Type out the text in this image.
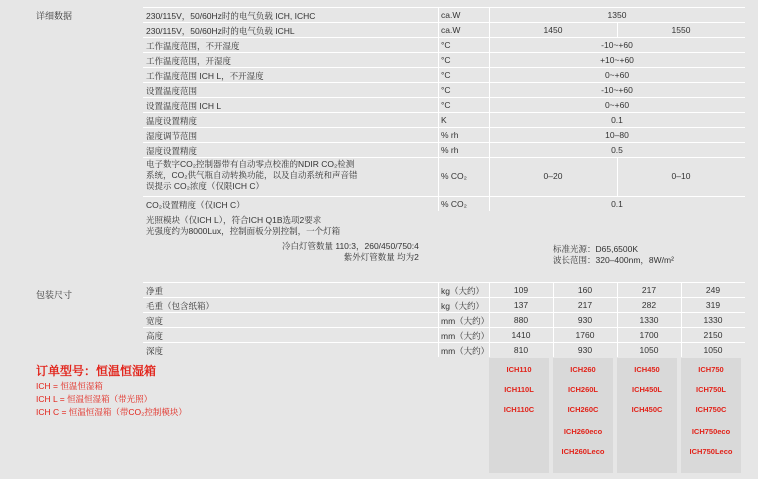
详细数据	230/115V，50/60Hz时的电气负载 ICH, ICHC	ca.W	1350
230/115V，50/60Hz时的电气负载 ICHL	ca.W	1450	1550
工作温度范围，不开湿度	°C	-10~+60
工作温度范围，开湿度	°C	+10~+60
工作温度范围 ICH L，不开湿度	°C	0~+60
设置温度范围	°C	-10~+60
设置温度范围 ICH L	°C	0~+60
温度设置精度	K	0.1
湿度调节范围	% rh	10–80
湿度设置精度	% rh	0.5
电子数字CO₂控制器带有自动零点校准的NDIR CO₂检测
系统，CO₂供气瓶自动转换功能，以及自动系统和声音错
误提示 CO₂浓度（仅限ICH C）
% CO₂	0–20	0–10
CO₂设置精度（仅ICH C）	% CO₂	0.1
光照模块（仅ICH L），符合ICH Q1B选项2要求
光强度约为8000Lux，控制面板分别控制，一个灯箱
冷白灯管数量 110:3，260/450/750:4
紫外灯管数量 均为2
标准光源：D65,6500K
波长范围：320–400nm，8W/m²
包装尺寸	净重	kg（大约）	109	160	217	249
毛重（包含纸箱）	kg（大约）	137	217	282	319
宽度	mm（大约）	880	930	1330	1330
高度	mm（大约）	1410	1760	1700	2150
深度	mm（大约）	810	930	1050	1050
订单型号：恒温恒湿箱
ICH = 恒温恒湿箱
ICH L = 恒温恒湿箱（带光照）
ICH C = 恒温恒湿箱（带CO₂控制模块）
ICH110
ICH110L
ICH110C
ICH260
ICH260L
ICH260C
ICH260eco
ICH260Leco
ICH450
ICH450L
ICH450C
ICH750
ICH750L
ICH750C
ICH750eco
ICH750Leco
